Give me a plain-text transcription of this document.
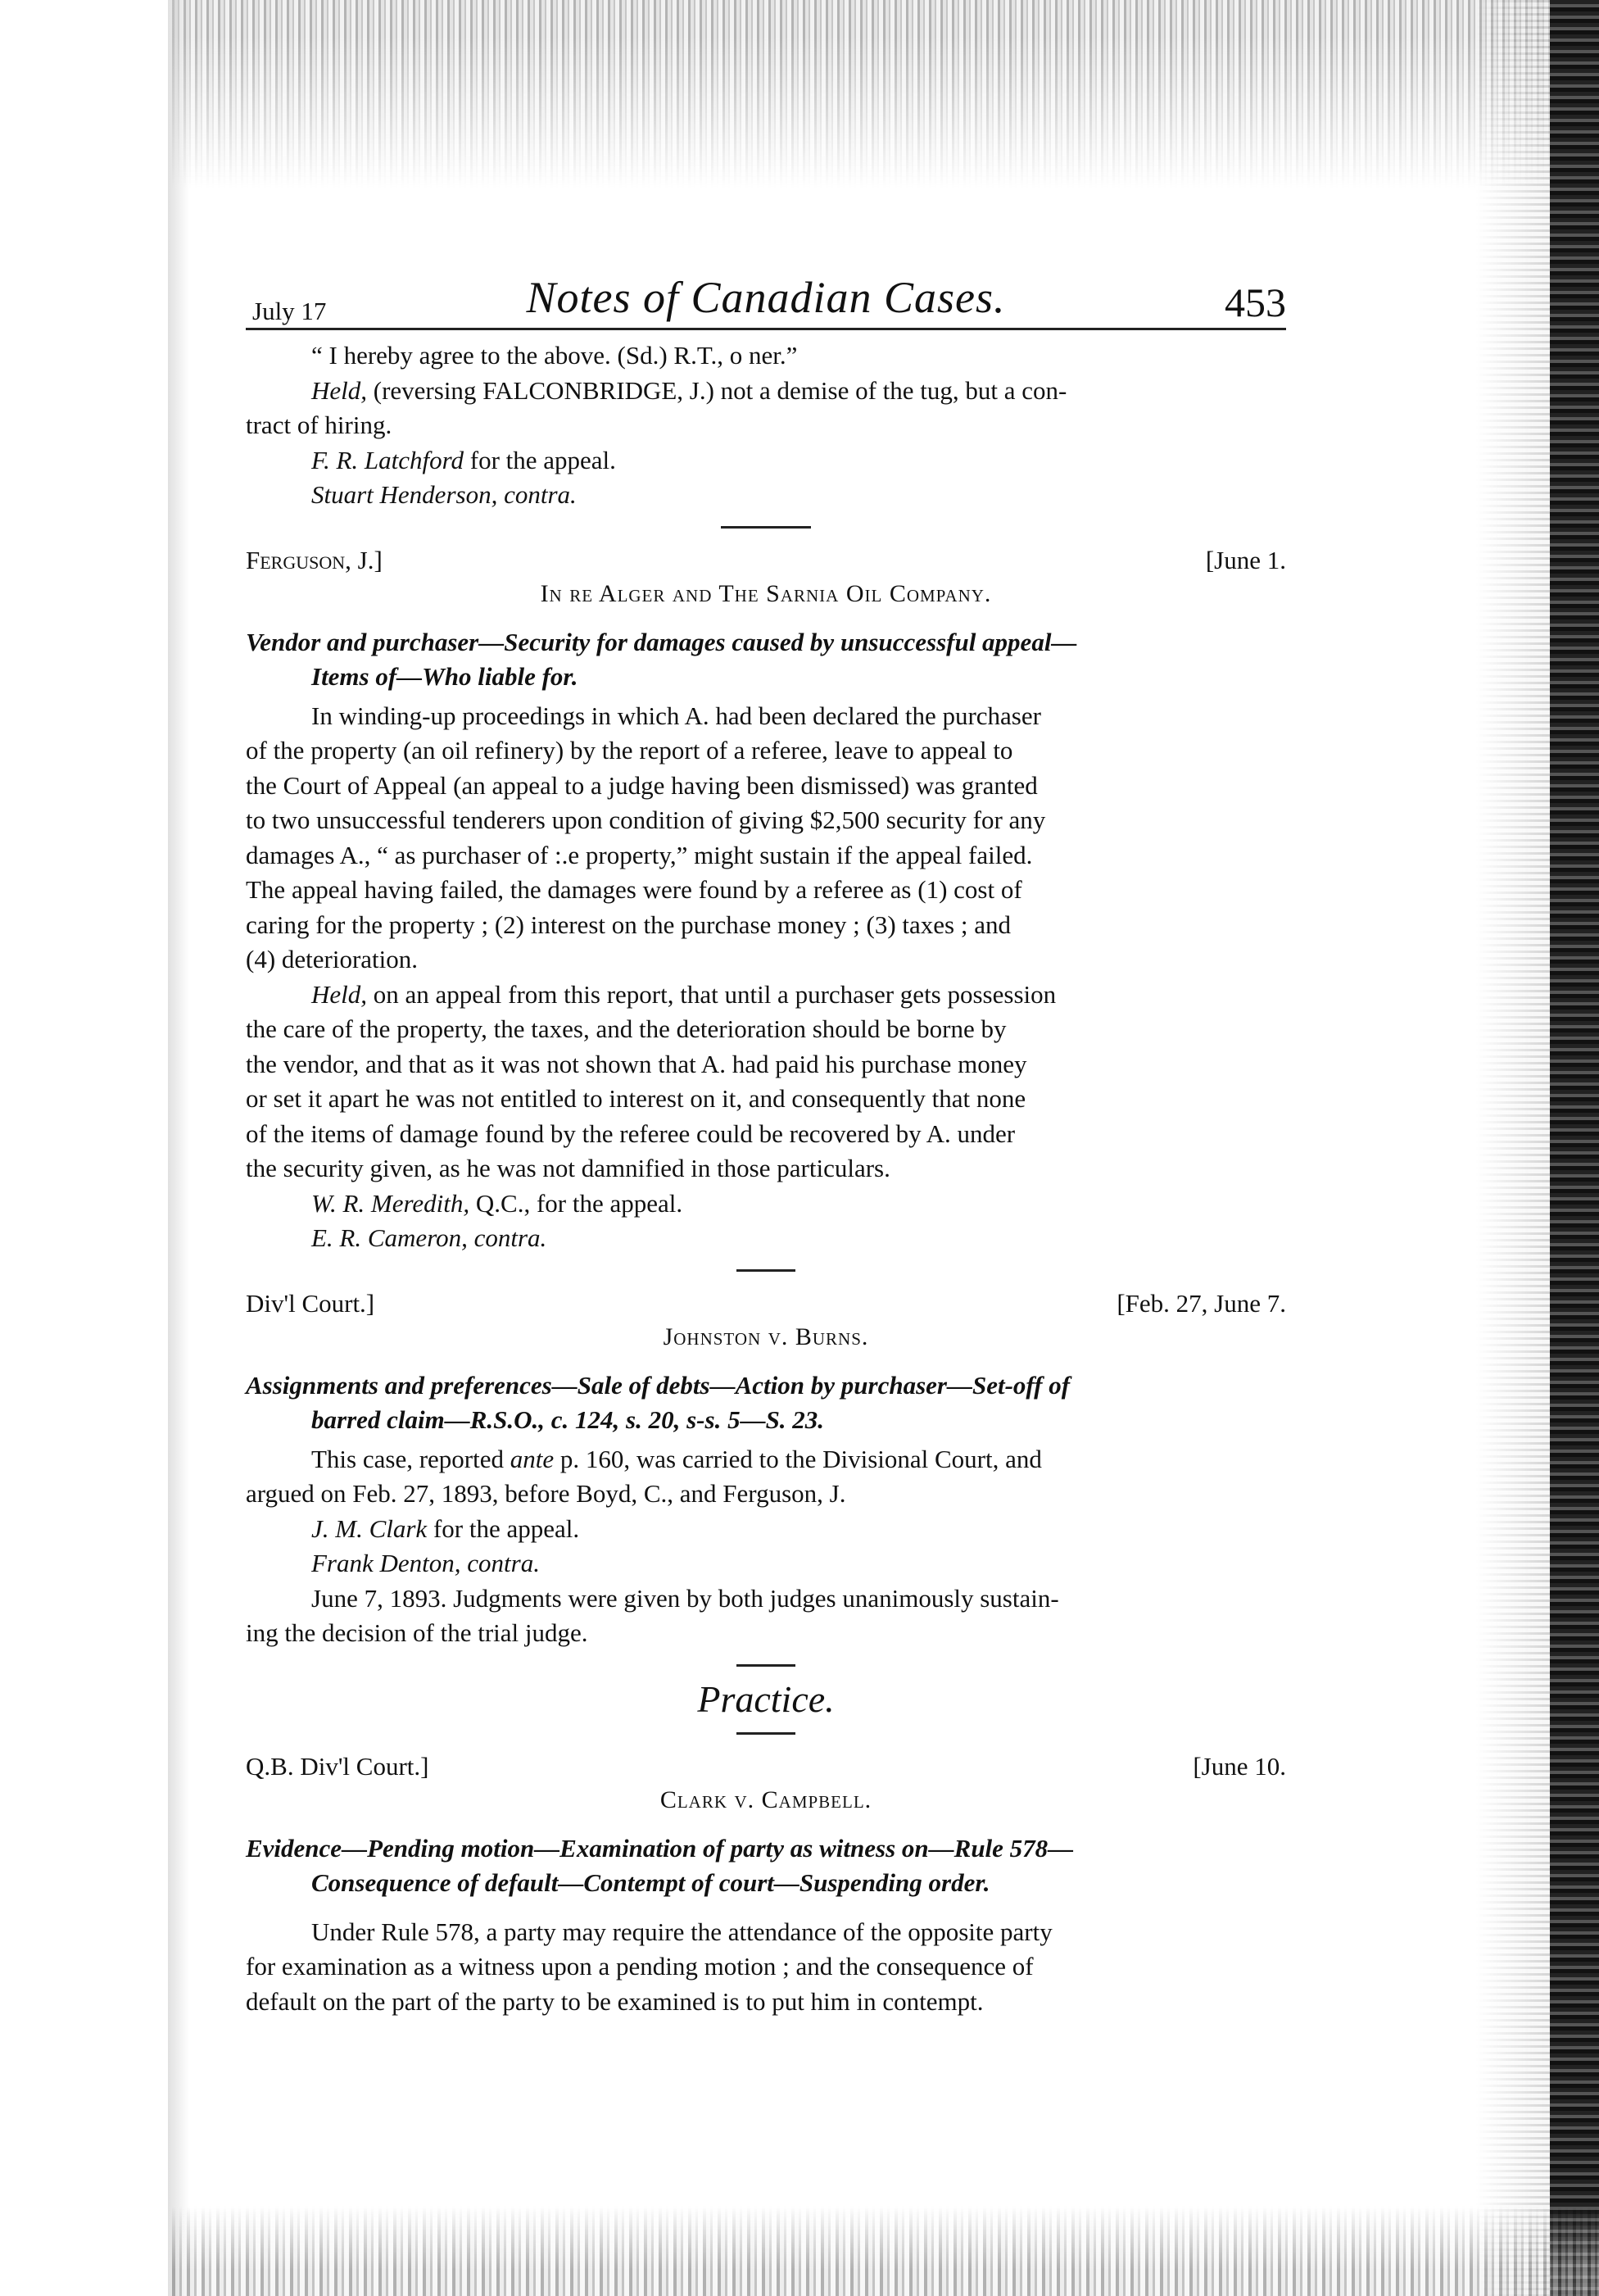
July 17	Notes of Canadian Cases.	453
“ I hereby agree to the above. (Sd.) R.T., o ner.”
Held, (reversing FALCONBRIDGE, J.) not a demise of the tug, but a con-
tract of hiring.
F. R. Latchford for the appeal.
Stuart Henderson, contra.
Ferguson, J.]	[June 1.
In re Alger and The Sarnia Oil Company.
Vendor and purchaser—Security for damages caused by unsuccessful appeal—
Items of—Who liable for.
In winding-up proceedings in which A. had been declared the purchaser
of the property (an oil refinery) by the report of a referee, leave to appeal to
the Court of Appeal (an appeal to a judge having been dismissed) was granted
to two unsuccessful tenderers upon condition of giving $2,500 security for any
damages A., “ as purchaser of :.e property,” might sustain if the appeal failed.
The appeal having failed, the damages were found by a referee as (1) cost of
caring for the property ; (2) interest on the purchase money ; (3) taxes ; and
(4) deterioration.
Held, on an appeal from this report, that until a purchaser gets possession
the care of the property, the taxes, and the deterioration should be borne by
the vendor, and that as it was not shown that A. had paid his purchase money
or set it apart he was not entitled to interest on it, and consequently that none
of the items of damage found by the referee could be recovered by A. under
the security given, as he was not damnified in those particulars.
W. R. Meredith, Q.C., for the appeal.
E. R. Cameron, contra.
Div'l Court.]	[Feb. 27, June 7.
Johnston v. Burns.
Assignments and preferences—Sale of debts—Action by purchaser—Set-off of
barred claim—R.S.O., c. 124, s. 20, s-s. 5—S. 23.
This case, reported ante p. 160, was carried to the Divisional Court, and
argued on Feb. 27, 1893, before Boyd, C., and Ferguson, J.
J. M. Clark for the appeal.
Frank Denton, contra.
June 7, 1893. Judgments were given by both judges unanimously sustain-
ing the decision of the trial judge.
Practice.
Q.B. Div'l Court.]	[June 10.
Clark v. Campbell.
Evidence—Pending motion—Examination of party as witness on—Rule 578—
Consequence of default—Contempt of court—Suspending order.
Under Rule 578, a party may require the attendance of the opposite party
for examination as a witness upon a pending motion ; and the consequence of
default on the part of the party to be examined is to put him in contempt.
